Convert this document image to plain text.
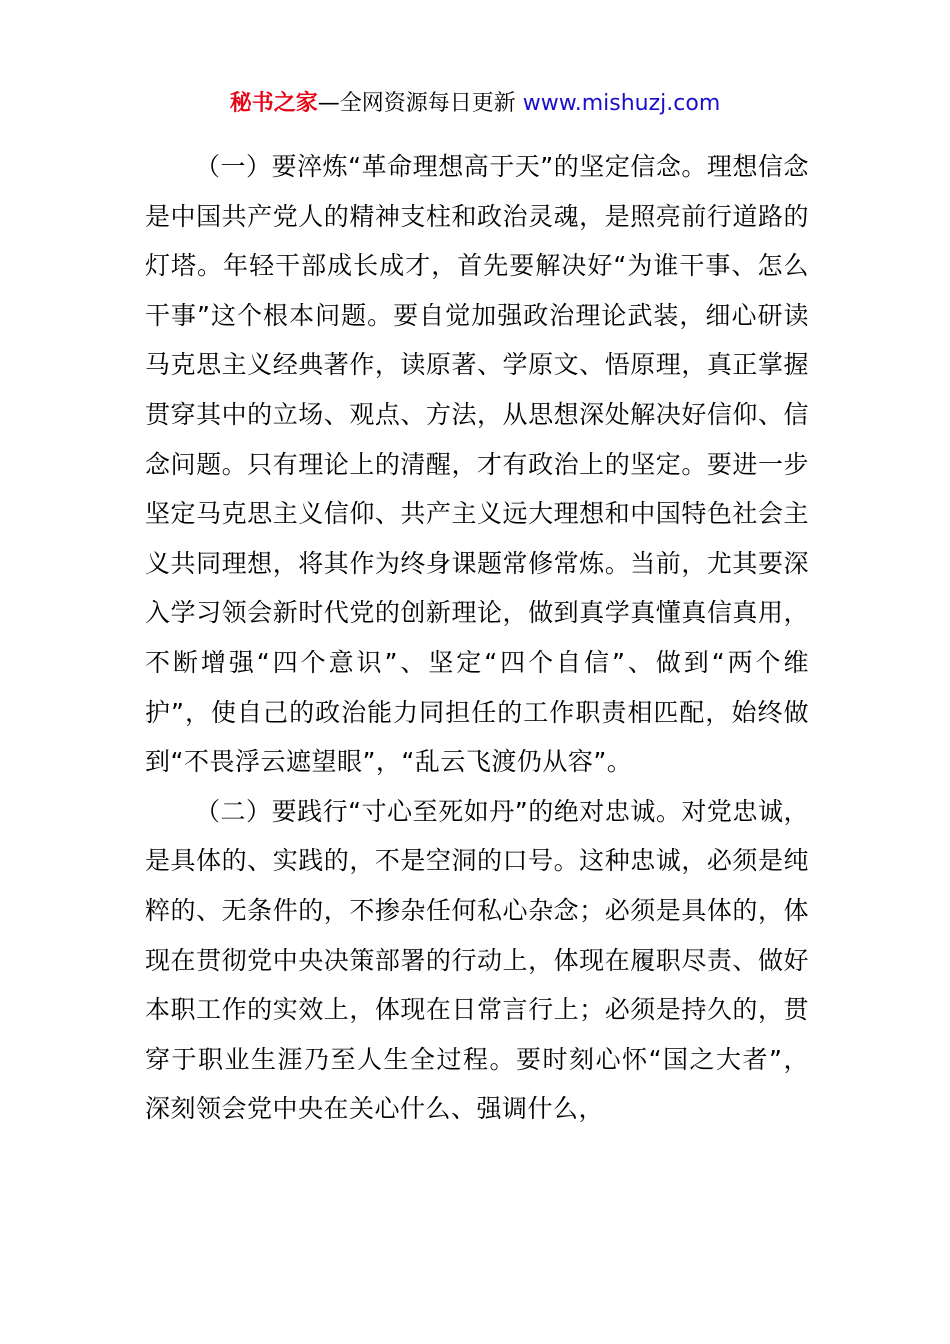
秘书之家—全网资源每日更新 www.mishuzj.com

（一）要淬炼“革命理想高于天”的坚定信念。理想信念是中国共产党人的精神支柱和政治灵魂，是照亮前行道路的灯塔。年轻干部成长成才，首先要解决好“为谁干事、怎么干事”这个根本问题。要自觉加强政治理论武装，细心研读马克思主义经典著作，读原著、学原文、悟原理，真正掌握贯穿其中的立场、观点、方法，从思想深处解决好信仰、信念问题。只有理论上的清醒，才有政治上的坚定。要进一步坚定马克思主义信仰、共产主义远大理想和中国特色社会主义共同理想，将其作为终身课题常修常炼。当前，尤其要深入学习领会新时代党的创新理论，做到真学真懂真信真用，不断增强“四个意识”、坚定“四个自信”、做到“两个维护”，使自己的政治能力同担任的工作职责相匹配，始终做到“不畏浮云遮望眼”，“乱云飞渡仍从容”。

（二）要践行“寸心至死如丹”的绝对忠诚。对党忠诚，是具体的、实践的，不是空洞的口号。这种忠诚，必须是纯粹的、无条件的，不掺杂任何私心杂念；必须是具体的，体现在贯彻党中央决策部署的行动上，体现在履职尽责、做好本职工作的实效上，体现在日常言行上；必须是持久的，贯穿于职业生涯乃至人生全过程。要时刻心怀“国之大者”，深刻领会党中央在关心什么、强调什么，
